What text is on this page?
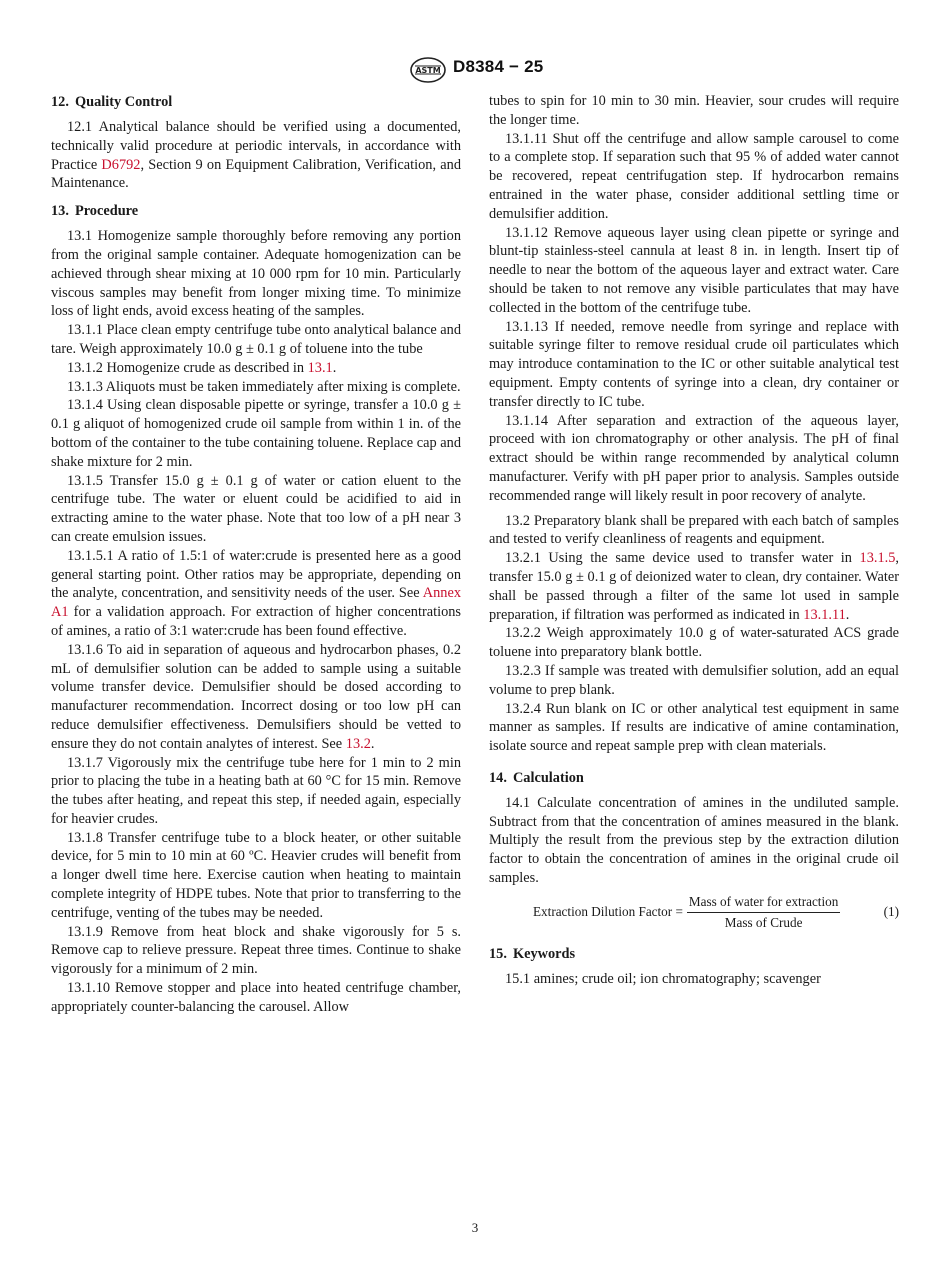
ASTM D8384 − 25
12. Quality Control

12.1 Analytical balance should be verified using a documented, technically valid procedure at periodic intervals, in accordance with Practice D6792, Section 9 on Equipment Calibration, Verification, and Maintenance.

13. Procedure

13.1 Homogenize sample thoroughly before removing any portion from the original sample container. Adequate homogenization can be achieved through shear mixing at 10 000 rpm for 10 min. Particularly viscous samples may benefit from longer mixing time. To minimize loss of light ends, avoid excess heating of the samples.

13.1.1 Place clean empty centrifuge tube onto analytical balance and tare. Weigh approximately 10.0 g ± 0.1 g of toluene into the tube

13.1.2 Homogenize crude as described in 13.1.

13.1.3 Aliquots must be taken immediately after mixing is complete.

13.1.4 Using clean disposable pipette or syringe, transfer a 10.0 g ± 0.1 g aliquot of homogenized crude oil sample from within 1 in. of the bottom of the container to the tube containing toluene. Replace cap and shake mixture for 2 min.

13.1.5 Transfer 15.0 g ± 0.1 g of water or cation eluent to the centrifuge tube. The water or eluent could be acidified to aid in extracting amine to the water phase. Note that too low of a pH near 3 can create emulsion issues.

13.1.5.1 A ratio of 1.5:1 of water:crude is presented here as a good general starting point. Other ratios may be appropriate, depending on the analyte, concentration, and sensitivity needs of the user. See Annex A1 for a validation approach. For extraction of higher concentrations of amines, a ratio of 3:1 water:crude has been found effective.

13.1.6 To aid in separation of aqueous and hydrocarbon phases, 0.2 mL of demulsifier solution can be added to sample using a suitable volume transfer device. Demulsifier should be dosed according to manufacturer recommendation. Incorrect dosing or too low pH can reduce demulsifier effectiveness. Demulsifiers should be vetted to ensure they do not contain analytes of interest. See 13.2.

13.1.7 Vigorously mix the centrifuge tube here for 1 min to 2 min prior to placing the tube in a heating bath at 60 °C for 15 min. Remove the tubes after heating, and repeat this step, if needed again, especially for heavier crudes.

13.1.8 Transfer centrifuge tube to a block heater, or other suitable device, for 5 min to 10 min at 60 ºC. Heavier crudes will benefit from a longer dwell time here. Exercise caution when heating to maintain complete integrity of HDPE tubes. Note that prior to transferring to the centrifuge, venting of the tubes may be needed.

13.1.9 Remove from heat block and shake vigorously for 5 s. Remove cap to relieve pressure. Repeat three times. Continue to shake vigorously for a minimum of 2 min.

13.1.10 Remove stopper and place into heated centrifuge chamber, appropriately counter-balancing the carousel. Allow

tubes to spin for 10 min to 30 min. Heavier, sour crudes will require the longer time.

13.1.11 Shut off the centrifuge and allow sample carousel to come to a complete stop. If separation such that 95 % of added water cannot be recovered, repeat centrifugation step. If hydrocarbon remains entrained in the water phase, consider additional settling time or demulsifier addition.

13.1.12 Remove aqueous layer using clean pipette or syringe and blunt-tip stainless-steel cannula at least 8 in. in length. Insert tip of needle to near the bottom of the aqueous layer and extract water. Care should be taken to not remove any visible particulates that may have collected in the bottom of the centrifuge tube.

13.1.13 If needed, remove needle from syringe and replace with suitable syringe filter to remove residual crude oil particulates which may introduce contamination to the IC or other suitable analytical test equipment. Empty contents of syringe into a clean, dry container or transfer directly to IC tube.

13.1.14 After separation and extraction of the aqueous layer, proceed with ion chromatography or other analysis. The pH of final extract should be within range recommended by analytical column manufacturer. Verify with pH paper prior to analysis. Samples outside recommended range will likely result in poor recovery of analyte.

13.2 Preparatory blank shall be prepared with each batch of samples and tested to verify cleanliness of reagents and equipment.

13.2.1 Using the same device used to transfer water in 13.1.5, transfer 15.0 g ± 0.1 g of deionized water to clean, dry container. Water shall be passed through a filter of the same lot used in sample preparation, if filtration was performed as indicated in 13.1.11.

13.2.2 Weigh approximately 10.0 g of water-saturated ACS grade toluene into preparatory blank bottle.

13.2.3 If sample was treated with demulsifier solution, add an equal volume to prep blank.

13.2.4 Run blank on IC or other analytical test equipment in same manner as samples. If results are indicative of amine contamination, isolate source and repeat sample prep with clean materials.

14. Calculation

14.1 Calculate concentration of amines in the undiluted sample. Subtract from that the concentration of amines measured in the blank. Multiply the result from the previous step by the extraction dilution factor to obtain the concentration of amines in the original crude oil samples.

Extraction Dilution Factor = $\frac{\text{Mass of water for extraction}}{\text{Mass of Crude}}$	(1)
15. Keywords

15.1 amines; crude oil; ion chromatography; scavenger

3
